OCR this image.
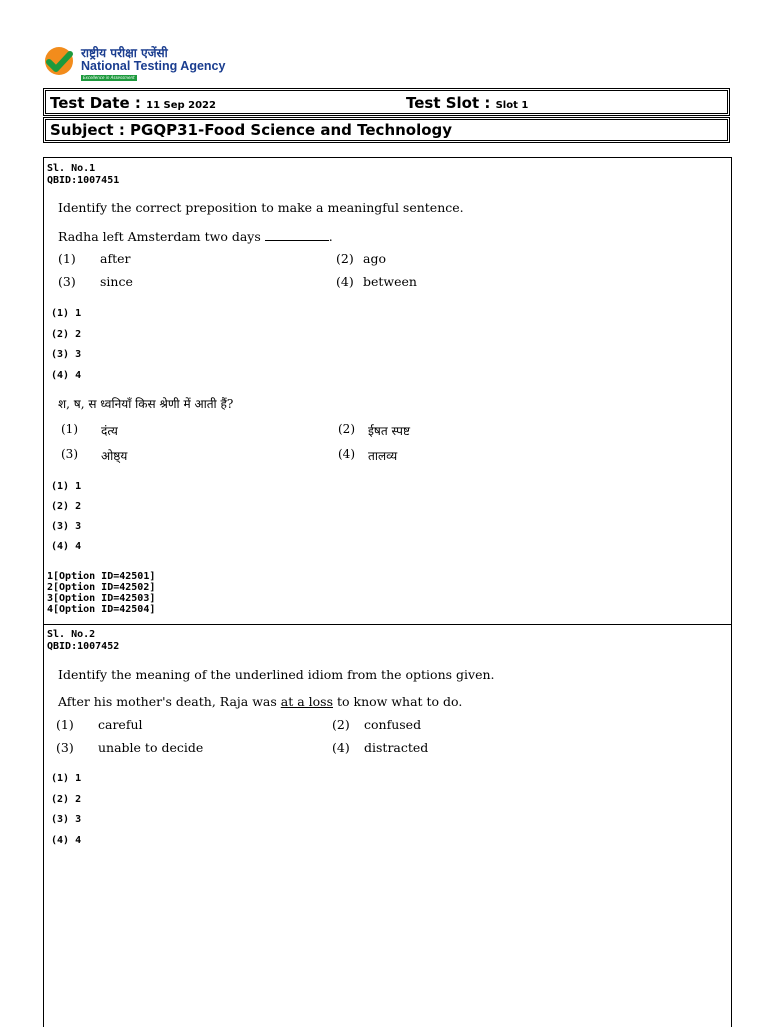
राष्ट्रीय परीक्षा एजेंसी
National Testing Agency
Excellence in Assessment
Test Date : 11 Sep 2022	Test Slot : Slot 1
Subject : PGQP31-Food Science and Technology
Sl. No.1
QBID:1007451
Identify the correct preposition to make a meaningful sentence.
Radha left Amsterdam two days	.
(1) after	(2) ago
(3) since	(4) between
(1) 1
(2) 2
(3) 3
(4) 4
श, ष, स ध्वनियाँ किस श्रेणी में आती हैं?
(1) दंत्य	(2) ईषत स्पष्ट
(3) ओष्ठ्य	(4) तालव्य
(1) 1
(2) 2
(3) 3
(4) 4
1[Option ID=42501]
2[Option ID=42502]
3[Option ID=42503]
4[Option ID=42504]
Sl. No.2
QBID:1007452
Identify the meaning of the underlined idiom from the options given.
After his mother's death, Raja was at a loss to know what to do.
(1) careful	(2) confused
(3) unable to decide	(4) distracted
(1) 1
(2) 2
(3) 3
(4) 4
